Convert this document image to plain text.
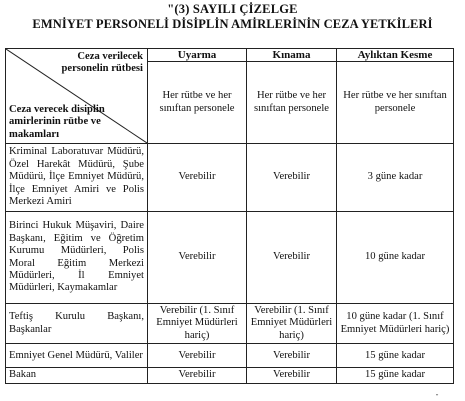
"(3) SAYILI ÇİZELGE
EMNİYET PERSONELİ DİSİPLİN AMİRLERİNİN CEZA YETKİLERİ
Ceza verilecek personelin rütbesi
Ceza verecek disiplin amirlerinin rütbe ve makamları	Uyarma	Kınama	Aylıktan Kesme
	Her rütbe ve her sınıftan personele	Her rütbe ve her sınıftan personele	Her rütbe ve her sınıftan personele
Kriminal Laboratuvar Müdürü, Özel Harekât Müdürü, Şube Müdürü, İlçe Emniyet Müdürü, İlçe Emniyet Amiri ve Polis Merkezi Amiri	Verebilir	Verebilir	3 güne kadar
Birinci Hukuk Müşaviri, Daire Başkanı, Eğitim ve Öğretim Kurumu Müdürleri, Polis Moral Eğitim Merkezi Müdürleri, İl Emniyet Müdürleri, Kaymakamlar	Verebilir	Verebilir	10 güne kadar
Teftiş Kurulu Başkanı, Başkanlar	Verebilir (1. Sınıf Emniyet Müdürleri hariç)	Verebilir (1. Sınıf Emniyet Müdürleri hariç)	10 güne kadar (1. Sınıf Emniyet Müdürleri hariç)
Emniyet Genel Müdürü, Valiler	Verebilir	Verebilir	15 güne kadar
Bakan	Verebilir	Verebilir	15 güne kadar
"
